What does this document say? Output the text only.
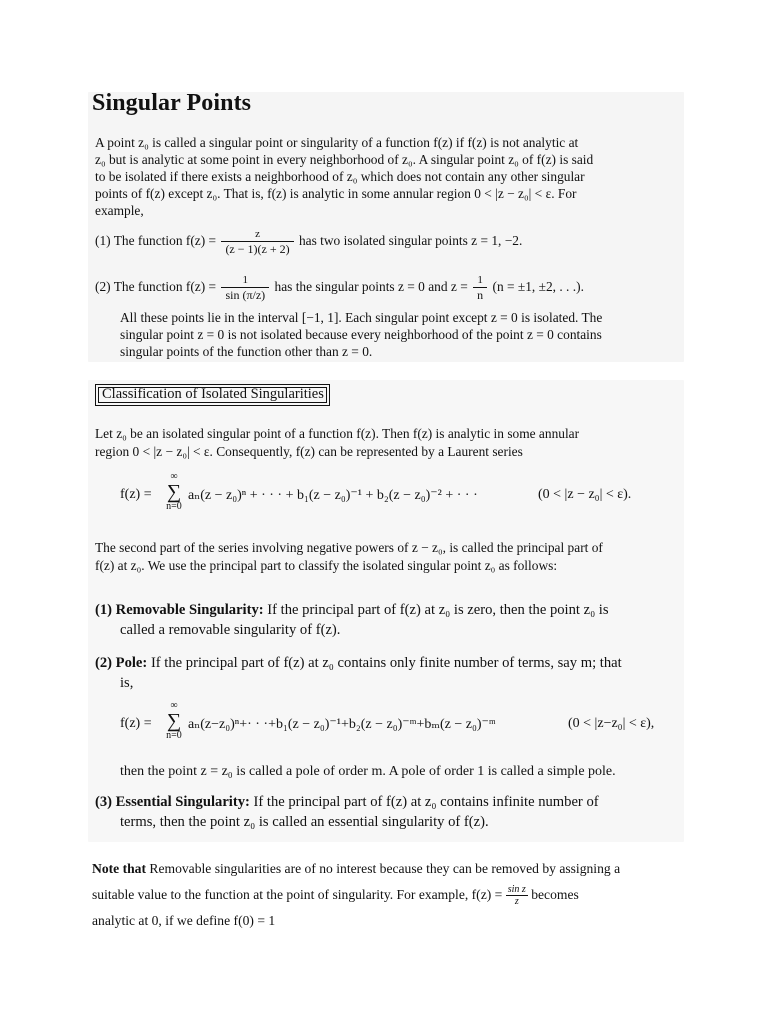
Singular Points
A point z₀ is called a singular point or singularity of a function f(z) if f(z) is not analytic at
z₀ but is analytic at some point in every neighborhood of z₀. A singular point z₀ of f(z) is said
to be isolated if there exists a neighborhood of z₀ which does not contain any other singular
points of f(z) except z₀. That is, f(z) is analytic in some annular region 0 < |z − z₀| < ε. For
example,
(1) The function $f(z) = \frac{z}{(z - 1)(z + 2)}$ has two isolated singular points z = 1, −2.
(2) The function $f(z) = \frac{1}{\sin (\pi/z)}$ has the singular points z = 0 and $z = \frac{1}{n} (n = \pm 1$, ±2, . . .).
All these points lie in the interval [−1, 1]. Each singular point except z = 0 is isolated. The
singular point z = 0 is not isolated because every neighborhood of the point z = 0 contains
singular points of the function other than z = 0.
Classification of Isolated Singularities
Let z₀ be an isolated singular point of a function f(z). Then f(z) is analytic in some annular
region 0 < |z − z₀| < ε. Consequently, f(z) can be represented by a Laurent series
f(z) =
∞
∑
n=0
aₙ(z − z₀)ⁿ + · · · + b₁(z − z₀)⁻¹ + b₂(z − z₀)⁻² + · · ·	(0 < |z − z₀| < ε).
The second part of the series involving negative powers of z − z₀, is called the principal part of
f(z) at z₀. We use the principal part to classify the isolated singular point z₀ as follows:
(1) Removable Singularity: If the principal part of f(z) at z₀ is zero, then the point z₀ is
called a removable singularity of f(z).
(2) Pole: If the principal part of f(z) at z₀ contains only finite number of terms, say m; that
is,
f(z) =
∞
∑
n=0
aₙ(z−z₀)ⁿ+· · ·+b₁(z − z₀)⁻¹+b₂(z − z₀)⁻ᵐ+bₘ(z − z₀)⁻ᵐ	(0 < |z−z₀| < ε),
then the point z = z₀ is called a pole of order m. A pole of order 1 is called a simple pole.
(3) Essential Singularity: If the principal part of f(z) at z₀ contains infinite number of
terms, then the point z₀ is called an essential singularity of f(z).
Note that Removable singularities are of no interest because they can be removed by assigning a
suitable value to the function at the point of singularity. For example, $f(z) = \frac{\text{sin z}}{z}$ becomes
analytic at 0, if we define f(0) = 1
